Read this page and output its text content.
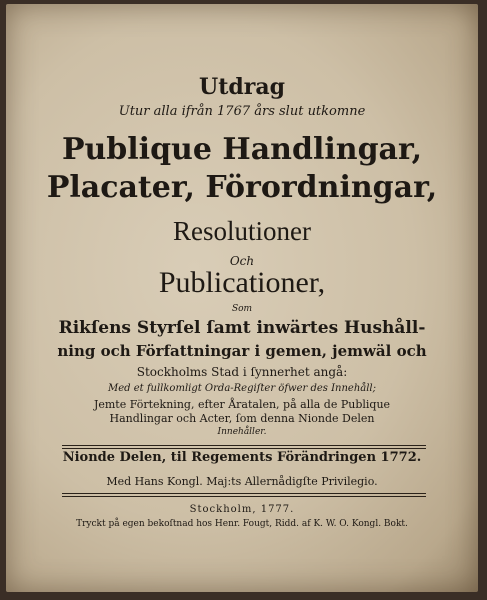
Utdrag
Utur alla ifrån 1767 års slut utkomne
Publique Handlingar,
Placater, Förordningar,
Resolutioner
Och
Publicationer,
Som
Rikſens Styrſel ſamt inwärtes Hushåll-
ning och Författningar i gemen, jemwäl och
Stockholms Stad i ſynnerhet angå:
Med et fullkomligt Orda-Regiſter öfwer des Innehåll;
Jemte Förtekning, efter Åratalen, på alla de Publique
Handlingar och Acter, ſom denna Nionde Delen
Innehåller.
Nionde Delen, til Regements Förändringen 1772.
Med Hans Kongl. Maj:ts Allernådigſte Privilegio.
Stockholm, 1777.
Tryckt på egen bekoſtnad hos Henr. Fougt, Ridd. af K. W. O. Kongl. Bokt.
